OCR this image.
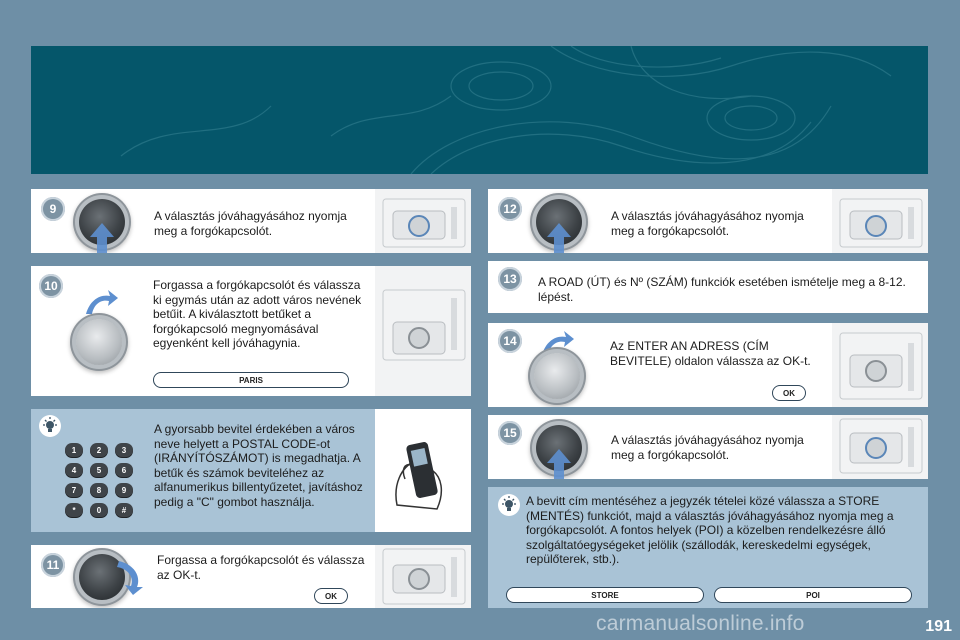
9	A választás jóváhagyásához nyomja meg a forgókapcsolót.
10	Forgassa a forgókapcsolót és válassza ki egymás után az adott város nevének betűit. A kiválasztott betűket a forgókapcsoló megnyomásával egyenként kell jóváhagynia.
PARIS
1	2	3
4	5	6
7	8	9
*	0	#
A gyorsabb bevitel érdekében a város neve helyett a POSTAL CODE-ot (IRÁNYÍTÓSZÁMOT) is megadhatja. A betűk és számok beviteléhez az alfanumerikus billentyűzetet, javításhoz pedig a "C" gombot használja.
11	Forgassa a forgókapcsolót és válassza az OK-t.
OK
12	A választás jóváhagyásához nyomja meg a forgókapcsolót.
13	A ROAD (ÚT) és Nº (SZÁM) funkciók esetében ismételje meg a 8-12. lépést.
14	Az ENTER AN ADRESS (CÍM BEVITELE) oldalon válassza az OK-t.
OK
15	A választás jóváhagyásához nyomja meg a forgókapcsolót.
A bevitt cím mentéséhez a jegyzék tételei közé válassza a STORE (MENTÉS) funkciót, majd a választás jóváhagyásához nyomja meg a forgókapcsolót. A fontos helyek (POI) a közelben rendelkezésre álló szolgáltatóegységeket jelölik (szállodák, kereskedelmi egységek, repülőterek, stb.).
STORE	POI
carmanualsonline.info	191
